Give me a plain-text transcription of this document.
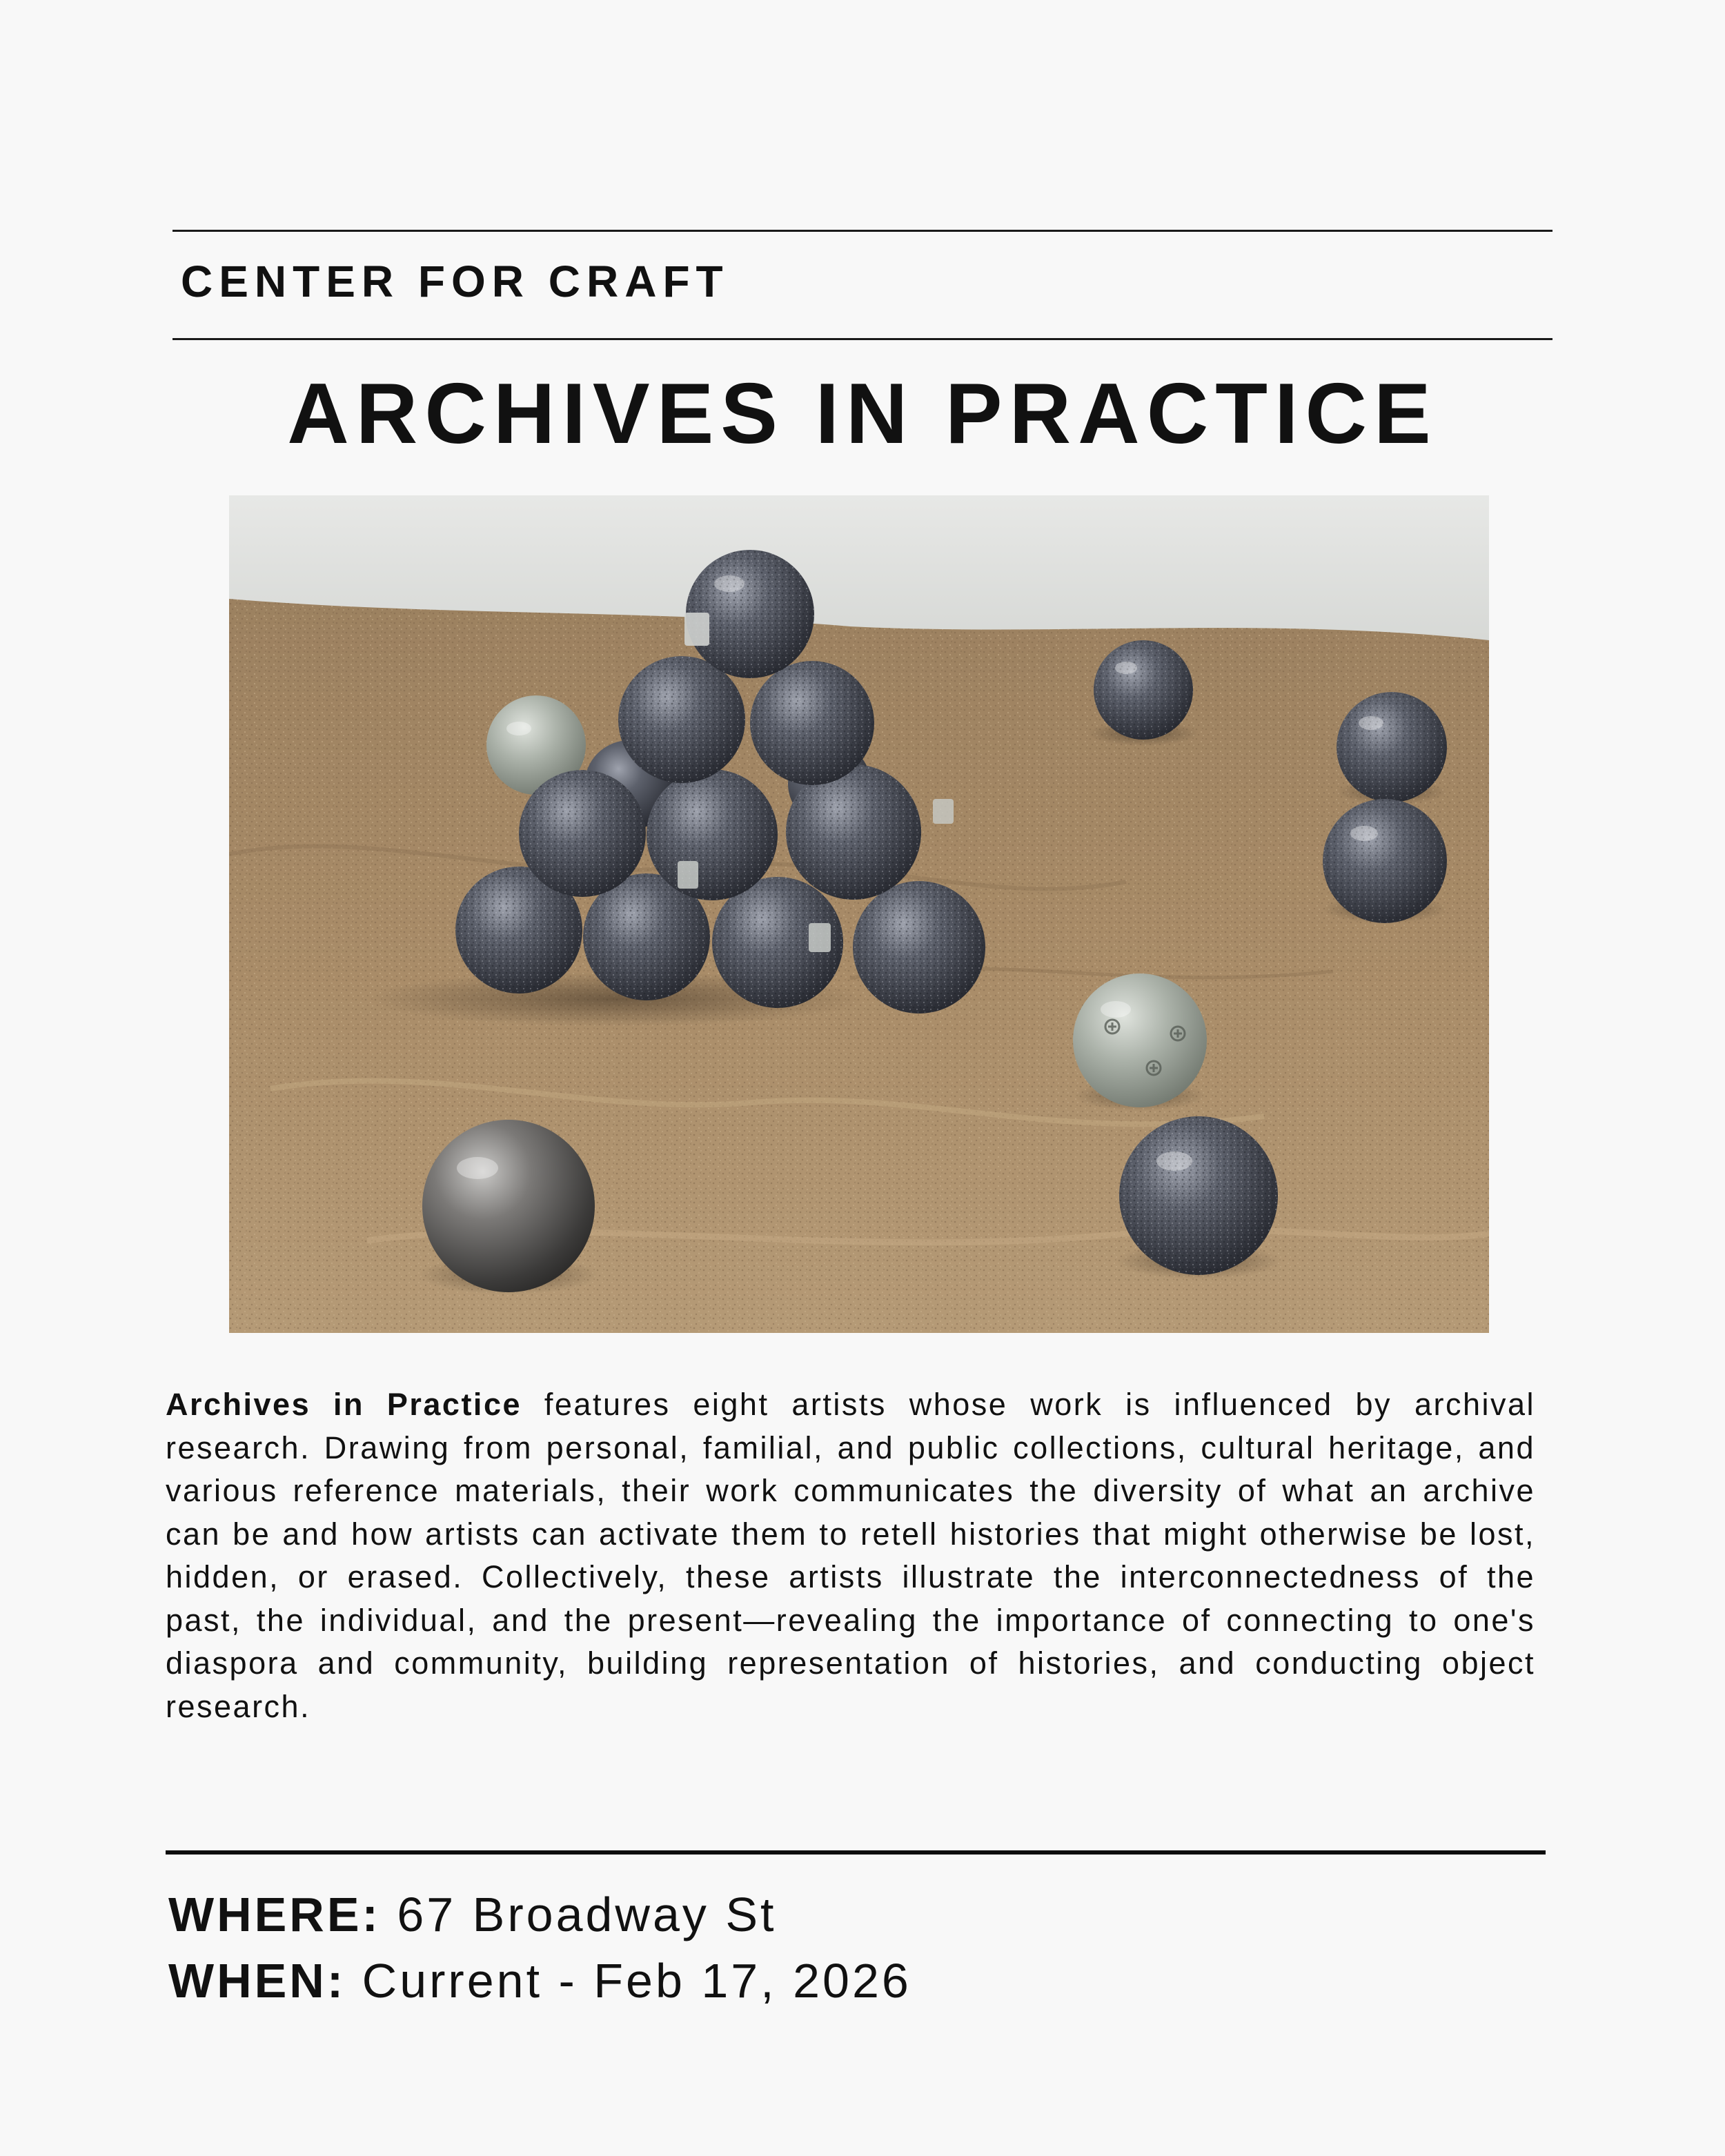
CENTER FOR CRAFT
ARCHIVES IN PRACTICE
Archives in Practice features eight artists whose work is influenced by archival research. Drawing from personal, familial, and public collections, cultural heritage, and various reference materials, their work communicates the diversity of what an archive can be and how artists can activate them to retell histories that might otherwise be lost, hidden, or erased. Collectively, these artists illustrate the interconnectedness of the past, the individual, and the present—revealing the importance of connecting to one's diaspora and community, building representation of histories, and conducting object research.
WHERE: 67 Broadway St
WHEN: Current - Feb 17, 2026
